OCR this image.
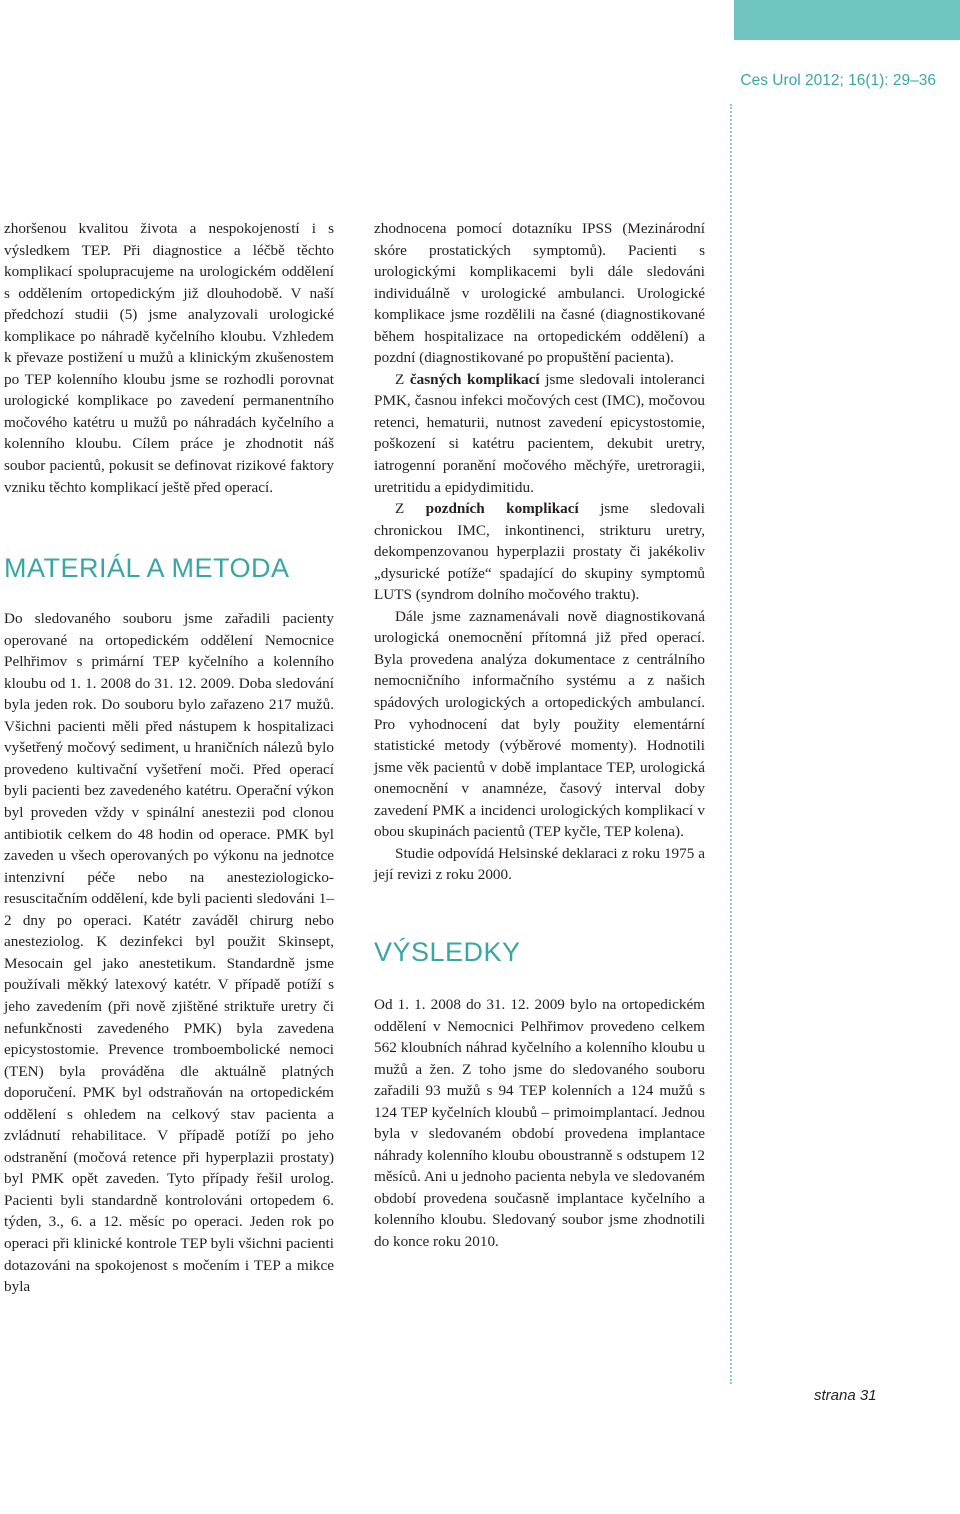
Ces Urol 2012; 16(1): 29–36

zhoršenou kvalitou života a nespokojeností i s výsledkem TEP. Při diagnostice a léčbě těchto komplikací spolupracujeme na urologickém oddělení s oddělením ortopedickým již dlouhodobě. V naší předchozí studii (5) jsme analyzovali urologické komplikace po náhradě kyčelního kloubu. Vzhledem k převaze postižení u mužů a klinickým zkušenostem po TEP kolenního kloubu jsme se rozhodli porovnat urologické komplikace po zavedení permanentního močového katétru u mužů po náhradách kyčelního a kolenního kloubu. Cílem práce je zhodnotit náš soubor pacientů, pokusit se definovat rizikové faktory vzniku těchto komplikací ještě před operací.

MATERIÁL A METODA

Do sledovaného souboru jsme zařadili pacienty operované na ortopedickém oddělení Nemocnice Pelhřimov s primární TEP kyčelního a kolenního kloubu od 1. 1. 2008 do 31. 12. 2009. Doba sledování byla jeden rok. Do souboru bylo zařazeno 217 mužů. Všichni pacienti měli před nástupem k hospitalizaci vyšetřený močový sediment, u hraničních nálezů bylo provedeno kultivační vyšetření moči. Před operací byli pacienti bez zavedeného katétru. Operační výkon byl proveden vždy v spinální anestezii pod clonou antibiotik celkem do 48 hodin od operace. PMK byl zaveden u všech operovaných po výkonu na jednotce intenzivní péče nebo na anesteziologicko-resuscitačním oddělení, kde byli pacienti sledováni 1–2 dny po operaci. Katétr zaváděl chirurg nebo anesteziolog. K dezinfekci byl použit Skinsept, Mesocain gel jako anestetikum. Standardně jsme používali měkký latexový katétr. V případě potíží s jeho zavedením (při nově zjištěné striktuře uretry či nefunkčnosti zavedeného PMK) byla zavedena epicystostomie. Prevence tromboembolické nemoci (TEN) byla prováděna dle aktuálně platných doporučení. PMK byl odstraňován na ortopedickém oddělení s ohledem na celkový stav pacienta a zvládnutí rehabilitace. V případě potíží po jeho odstranění (močová retence při hyperplazii prostaty) byl PMK opět zaveden. Tyto případy řešil urolog. Pacienti byli standardně kontrolováni ortopedem 6. týden, 3., 6. a 12. měsíc po operaci. Jeden rok po operaci při klinické kontrole TEP byli všichni pacienti dotazováni na spokojenost s močením i TEP a mikce byla

zhodnocena pomocí dotazníku IPSS (Mezinárodní skóre prostatických symptomů). Pacienti s urologickými komplikacemi byli dále sledováni individuálně v urologické ambulanci. Urologické komplikace jsme rozdělili na časné (diagnostikované během hospitalizace na ortopedickém oddělení) a pozdní (diagnostikované po propuštění pacienta).

Z časných komplikací jsme sledovali intoleranci PMK, časnou infekci močových cest (IMC), močovou retenci, hematurii, nutnost zavedení epicystostomie, poškození si katétru pacientem, dekubit uretry, iatrogenní poranění močového měchýře, uretroragii, uretritidu a epidydimitidu.

Z pozdních komplikací jsme sledovali chronickou IMC, inkontinenci, strikturu uretry, dekompenzovanou hyperplazii prostaty či jakékoliv „dysurické potíže“ spadající do skupiny symptomů LUTS (syndrom dolního močového traktu).

Dále jsme zaznamenávali nově diagnostikovaná urologická onemocnění přítomná již před operací. Byla provedena analýza dokumentace z centrálního nemocničního informačního systému a z našich spádových urologických a ortopedických ambulancí. Pro vyhodnocení dat byly použity elementární statistické metody (výběrové momenty). Hodnotili jsme věk pacientů v době implantace TEP, urologická onemocnění v anamnéze, časový interval doby zavedení PMK a incidenci urologických komplikací v obou skupinách pacientů (TEP kyčle, TEP kolena).

Studie odpovídá Helsinské deklaraci z roku 1975 a její revizi z roku 2000.

VÝSLEDKY

Od 1. 1. 2008 do 31. 12. 2009 bylo na ortopedickém oddělení v Nemocnici Pelhřimov provedeno celkem 562 kloubních náhrad kyčelního a kolenního kloubu u mužů a žen. Z toho jsme do sledovaného souboru zařadili 93 mužů s 94 TEP kolenních a 124 mužů s 124 TEP kyčelních kloubů – primoimplantací. Jednou byla v sledovaném období provedena implantace náhrady kolenního kloubu oboustranně s odstupem 12 měsíců. Ani u jednoho pacienta nebyla ve sledovaném období provedena současně implantace kyčelního a kolenního kloubu. Sledovaný soubor jsme zhodnotili do konce roku 2010.

strana 31
